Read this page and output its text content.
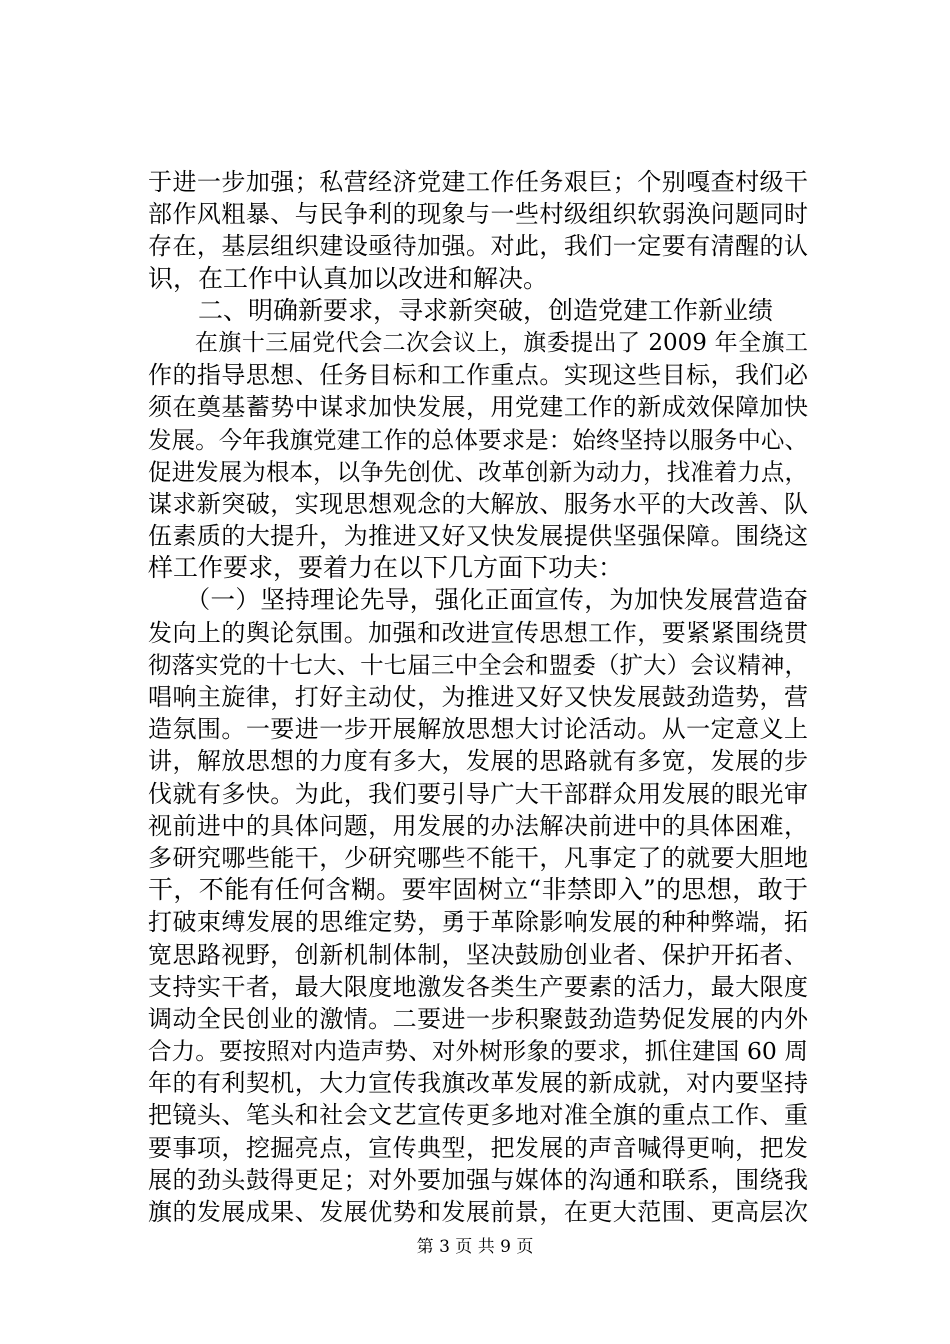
于进一步加强；私营经济党建工作任务艰巨；个别嘎查村级干
部作风粗暴、与民争利的现象与一些村级组织软弱涣问题同时
存在，基层组织建设亟待加强。对此，我们一定要有清醒的认
识，在工作中认真加以改进和解决。
　　二、明确新要求，寻求新突破，创造党建工作新业绩
　　在旗十三届党代会二次会议上，旗委提出了 2009 年全旗工
作的指导思想、任务目标和工作重点。实现这些目标，我们必
须在奠基蓄势中谋求加快发展，用党建工作的新成效保障加快
发展。今年我旗党建工作的总体要求是：始终坚持以服务中心、
促进发展为根本，以争先创优、改革创新为动力，找准着力点，
谋求新突破，实现思想观念的大解放、服务水平的大改善、队
伍素质的大提升，为推进又好又快发展提供坚强保障。围绕这
样工作要求，要着力在以下几方面下功夫：
　　（一）坚持理论先导，强化正面宣传，为加快发展营造奋
发向上的舆论氛围。加强和改进宣传思想工作，要紧紧围绕贯
彻落实党的十七大、十七届三中全会和盟委（扩大）会议精神，
唱响主旋律，打好主动仗，为推进又好又快发展鼓劲造势，营
造氛围。一要进一步开展解放思想大讨论活动。从一定意义上
讲，解放思想的力度有多大，发展的思路就有多宽，发展的步
伐就有多快。为此，我们要引导广大干部群众用发展的眼光审
视前进中的具体问题，用发展的办法解决前进中的具体困难，
多研究哪些能干，少研究哪些不能干，凡事定了的就要大胆地
干，不能有任何含糊。要牢固树立“非禁即入”的思想，敢于
打破束缚发展的思维定势，勇于革除影响发展的种种弊端，拓
宽思路视野，创新机制体制，坚决鼓励创业者、保护开拓者、
支持实干者，最大限度地激发各类生产要素的活力，最大限度
调动全民创业的激情。二要进一步积聚鼓劲造势促发展的内外
合力。要按照对内造声势、对外树形象的要求，抓住建国 60 周
年的有利契机，大力宣传我旗改革发展的新成就，对内要坚持
把镜头、笔头和社会文艺宣传更多地对准全旗的重点工作、重
要事项，挖掘亮点，宣传典型，把发展的声音喊得更响，把发
展的劲头鼓得更足；对外要加强与媒体的沟通和联系，围绕我
旗的发展成果、发展优势和发展前景，在更大范围、更高层次
第 3 页 共 9 页
